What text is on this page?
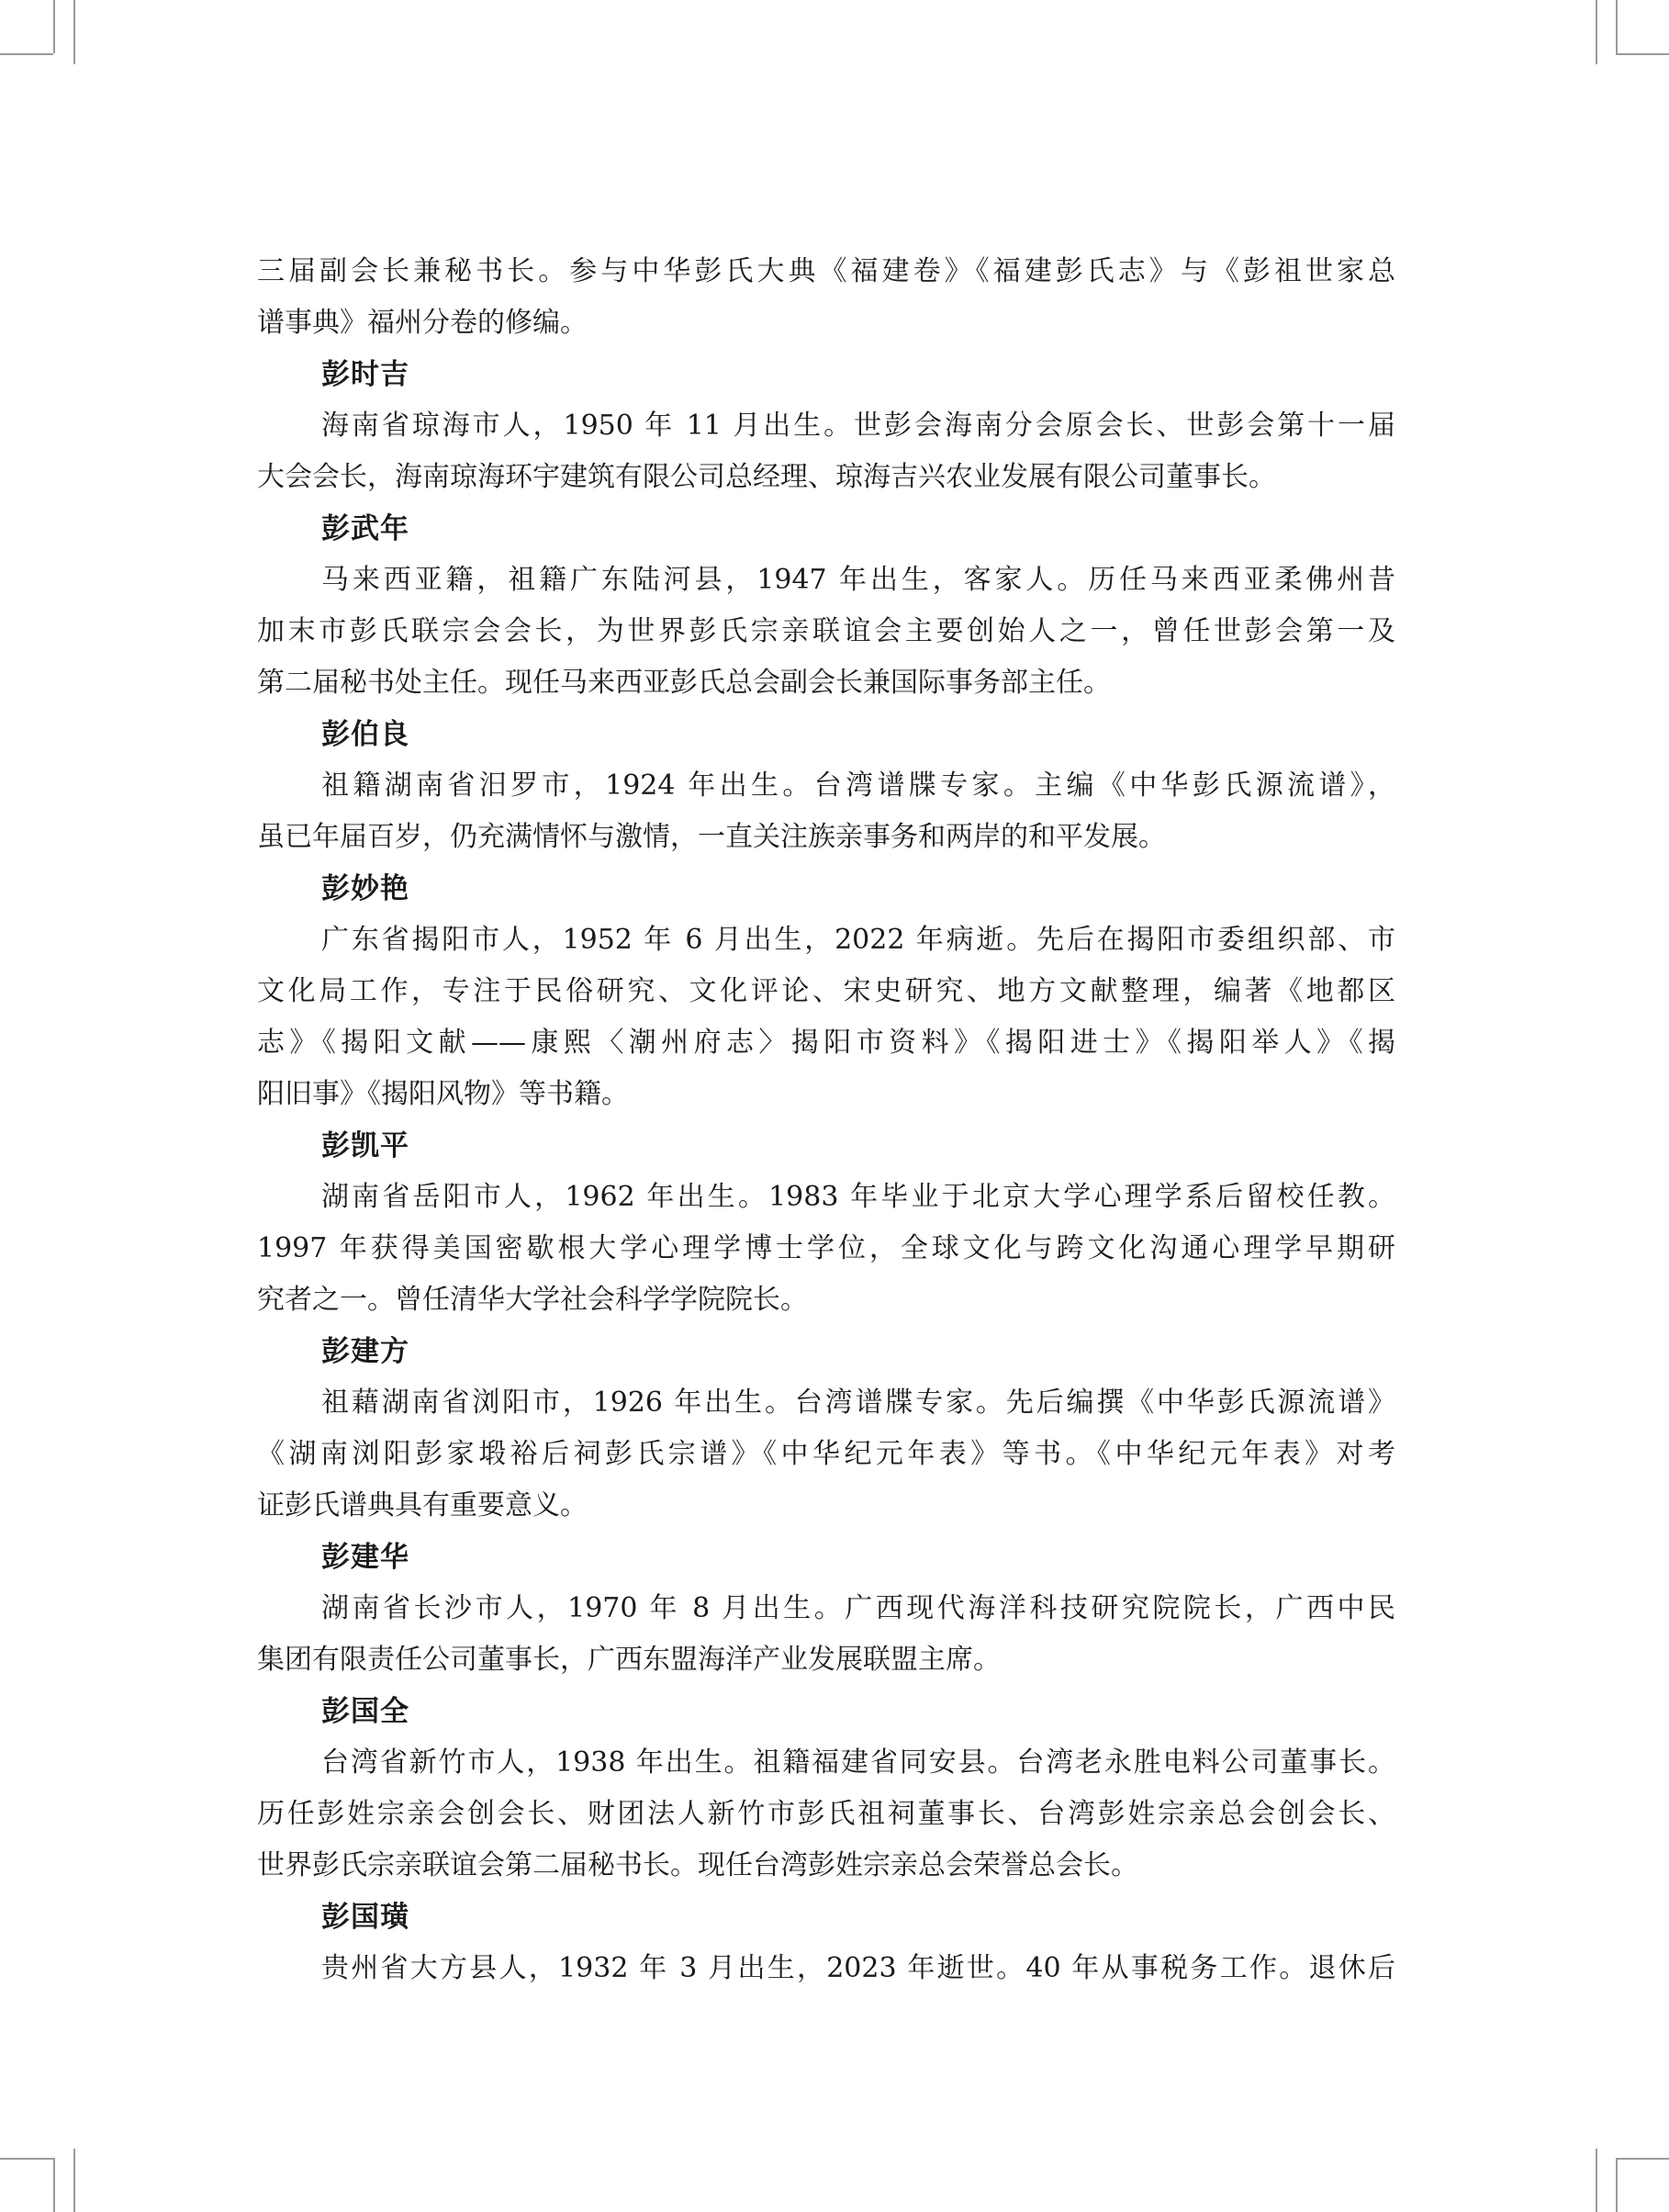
三届副会长兼秘书长。参与中华彭氏大典《福建卷》《福建彭氏志》与《彭祖世家总
谱事典》福州分卷的修编。
彭时吉
海南省琼海市人，1950 年 11 月出生。世彭会海南分会原会长、世彭会第十一届
大会会长，海南琼海环宇建筑有限公司总经理、琼海吉兴农业发展有限公司董事长。
彭武年
马来西亚籍，祖籍广东陆河县，1947 年出生，客家人。历任马来西亚柔佛州昔
加末市彭氏联宗会会长，为世界彭氏宗亲联谊会主要创始人之一，曾任世彭会第一及
第二届秘书处主任。现任马来西亚彭氏总会副会长兼国际事务部主任。
彭伯良
祖籍湖南省汨罗市，1924 年出生。台湾谱牒专家。主编《中华彭氏源流谱》，
虽已年届百岁，仍充满情怀与激情，一直关注族亲事务和两岸的和平发展。
彭妙艳
广东省揭阳市人，1952 年 6 月出生，2022 年病逝。先后在揭阳市委组织部、市
文化局工作，专注于民俗研究、文化评论、宋史研究、地方文献整理，编著《地都区
志》《揭阳文献——康熙〈潮州府志〉揭阳市资料》《揭阳进士》《揭阳举人》《揭
阳旧事》《揭阳风物》等书籍。
彭凯平
湖南省岳阳市人，1962 年出生。1983 年毕业于北京大学心理学系后留校任教。
1997 年获得美国密歇根大学心理学博士学位，全球文化与跨文化沟通心理学早期研
究者之一。曾任清华大学社会科学学院院长。
彭建方
祖藉湖南省浏阳市，1926 年出生。台湾谱牒专家。先后编撰《中华彭氏源流谱》
《湖南浏阳彭家塅裕后祠彭氏宗谱》《中华纪元年表》等书。《中华纪元年表》对考
证彭氏谱典具有重要意义。
彭建华
湖南省长沙市人，1970 年 8 月出生。广西现代海洋科技研究院院长，广西中民
集团有限责任公司董事长，广西东盟海洋产业发展联盟主席。
彭国全
台湾省新竹市人，1938 年出生。祖籍福建省同安县。台湾老永胜电料公司董事长。
历任彭姓宗亲会创会长、财团法人新竹市彭氏祖祠董事长、台湾彭姓宗亲总会创会长、
世界彭氏宗亲联谊会第二届秘书长。现任台湾彭姓宗亲总会荣誉总会长。
彭国璜
贵州省大方县人，1932 年 3 月出生，2023 年逝世。40 年从事税务工作。退休后
